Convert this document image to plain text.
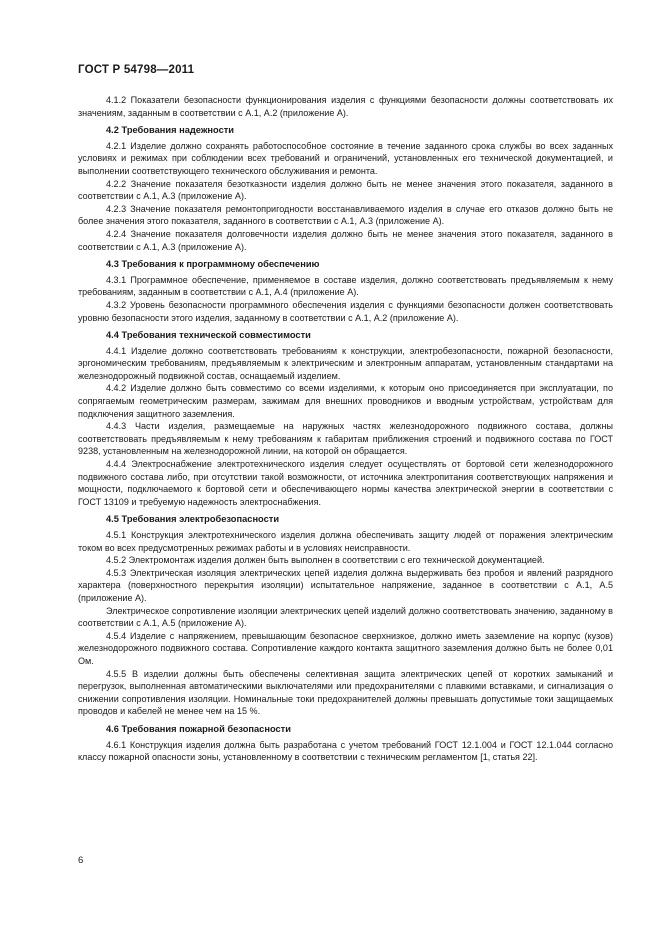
ГОСТ Р 54798—2011

4.1.2 Показатели безопасности функционирования изделия с функциями безопасности должны соответствовать их значениям, заданным в соответствии с А.1, А.2 (приложение А).

4.2 Требования надежности

4.2.1 Изделие должно сохранять работоспособное состояние в течение заданного срока службы во всех заданных условиях и режимах при соблюдении всех требований и ограничений, установленных его технической документацией, и выполнении соответствующего технического обслуживания и ремонта.

4.2.2 Значение показателя безотказности изделия должно быть не менее значения этого показателя, заданного в соответствии с А.1, А.3 (приложение А).

4.2.3 Значение показателя ремонтопригодности восстанавливаемого изделия в случае его отказов должно быть не более значения этого показателя, заданного в соответствии с А.1, А.3 (приложение А).

4.2.4 Значение показателя долговечности изделия должно быть не менее значения этого показателя, заданного в соответствии с А.1, А.3 (приложение А).

4.3 Требования к программному обеспечению

4.3.1 Программное обеспечение, применяемое в составе изделия, должно соответствовать предъявляемым к нему требованиям, заданным в соответствии с А.1, А.4 (приложение А).

4.3.2 Уровень безопасности программного обеспечения изделия с функциями безопасности должен соответствовать уровню безопасности этого изделия, заданному в соответствии с А.1, А.2 (приложение А).

4.4 Требования технической совместимости

4.4.1 Изделие должно соответствовать требованиям к конструкции, электробезопасности, пожарной безопасности, эргономическим требованиям, предъявляемым к электрическим и электронным аппаратам, установленным стандартами на железнодорожный подвижной состав, оснащаемый изделием.

4.4.2 Изделие должно быть совместимо со всеми изделиями, к которым оно присоединяется при эксплуатации, по сопрягаемым геометрическим размерам, зажимам для внешних проводников и вводным устройствам, устройствам для подключения защитного заземления.

4.4.3 Части изделия, размещаемые на наружных частях железнодорожного подвижного состава, должны соответствовать предъявляемым к нему требованиям к габаритам приближения строений и подвижного состава по ГОСТ 9238, установленным на железнодорожной линии, на которой он обращается.

4.4.4 Электроснабжение электротехнического изделия следует осуществлять от бортовой сети железнодорожного подвижного состава либо, при отсутствии такой возможности, от источника электропитания соответствующих напряжения и мощности, подключаемого к бортовой сети и обеспечивающего нормы качества электрической энергии в соответствии с ГОСТ 13109 и требуемую надежность электроснабжения.

4.5 Требования электробезопасности

4.5.1 Конструкция электротехнического изделия должна обеспечивать защиту людей от поражения электрическим током во всех предусмотренных режимах работы и в условиях неисправности.

4.5.2 Электромонтаж изделия должен быть выполнен в соответствии с его технической документацией.

4.5.3 Электрическая изоляция электрических цепей изделия должна выдерживать без пробоя и явлений разрядного характера (поверхностного перекрытия изоляции) испытательное напряжение, заданное в соответствии с А.1, А.5 (приложение А).

Электрическое сопротивление изоляции электрических цепей изделий должно соответствовать значению, заданному в соответствии с А.1, А.5 (приложение А).

4.5.4 Изделие с напряжением, превышающим безопасное сверхнизкое, должно иметь заземление на корпус (кузов) железнодорожного подвижного состава. Сопротивление каждого контакта защитного заземления должно быть не более 0,01 Ом.

4.5.5 В изделии должны быть обеспечены селективная защита электрических цепей от коротких замыканий и перегрузок, выполненная автоматическими выключателями или предохранителями с плавкими вставками, и сигнализация о снижении сопротивления изоляции. Номинальные токи предохранителей должны превышать допустимые токи защищаемых проводов и кабелей не менее чем на 15 %.

4.6 Требования пожарной безопасности

4.6.1 Конструкция изделия должна быть разработана с учетом требований ГОСТ 12.1.004 и ГОСТ 12.1.044 согласно классу пожарной опасности зоны, установленному в соответствии с техническим регламентом [1, статья 22].

6
